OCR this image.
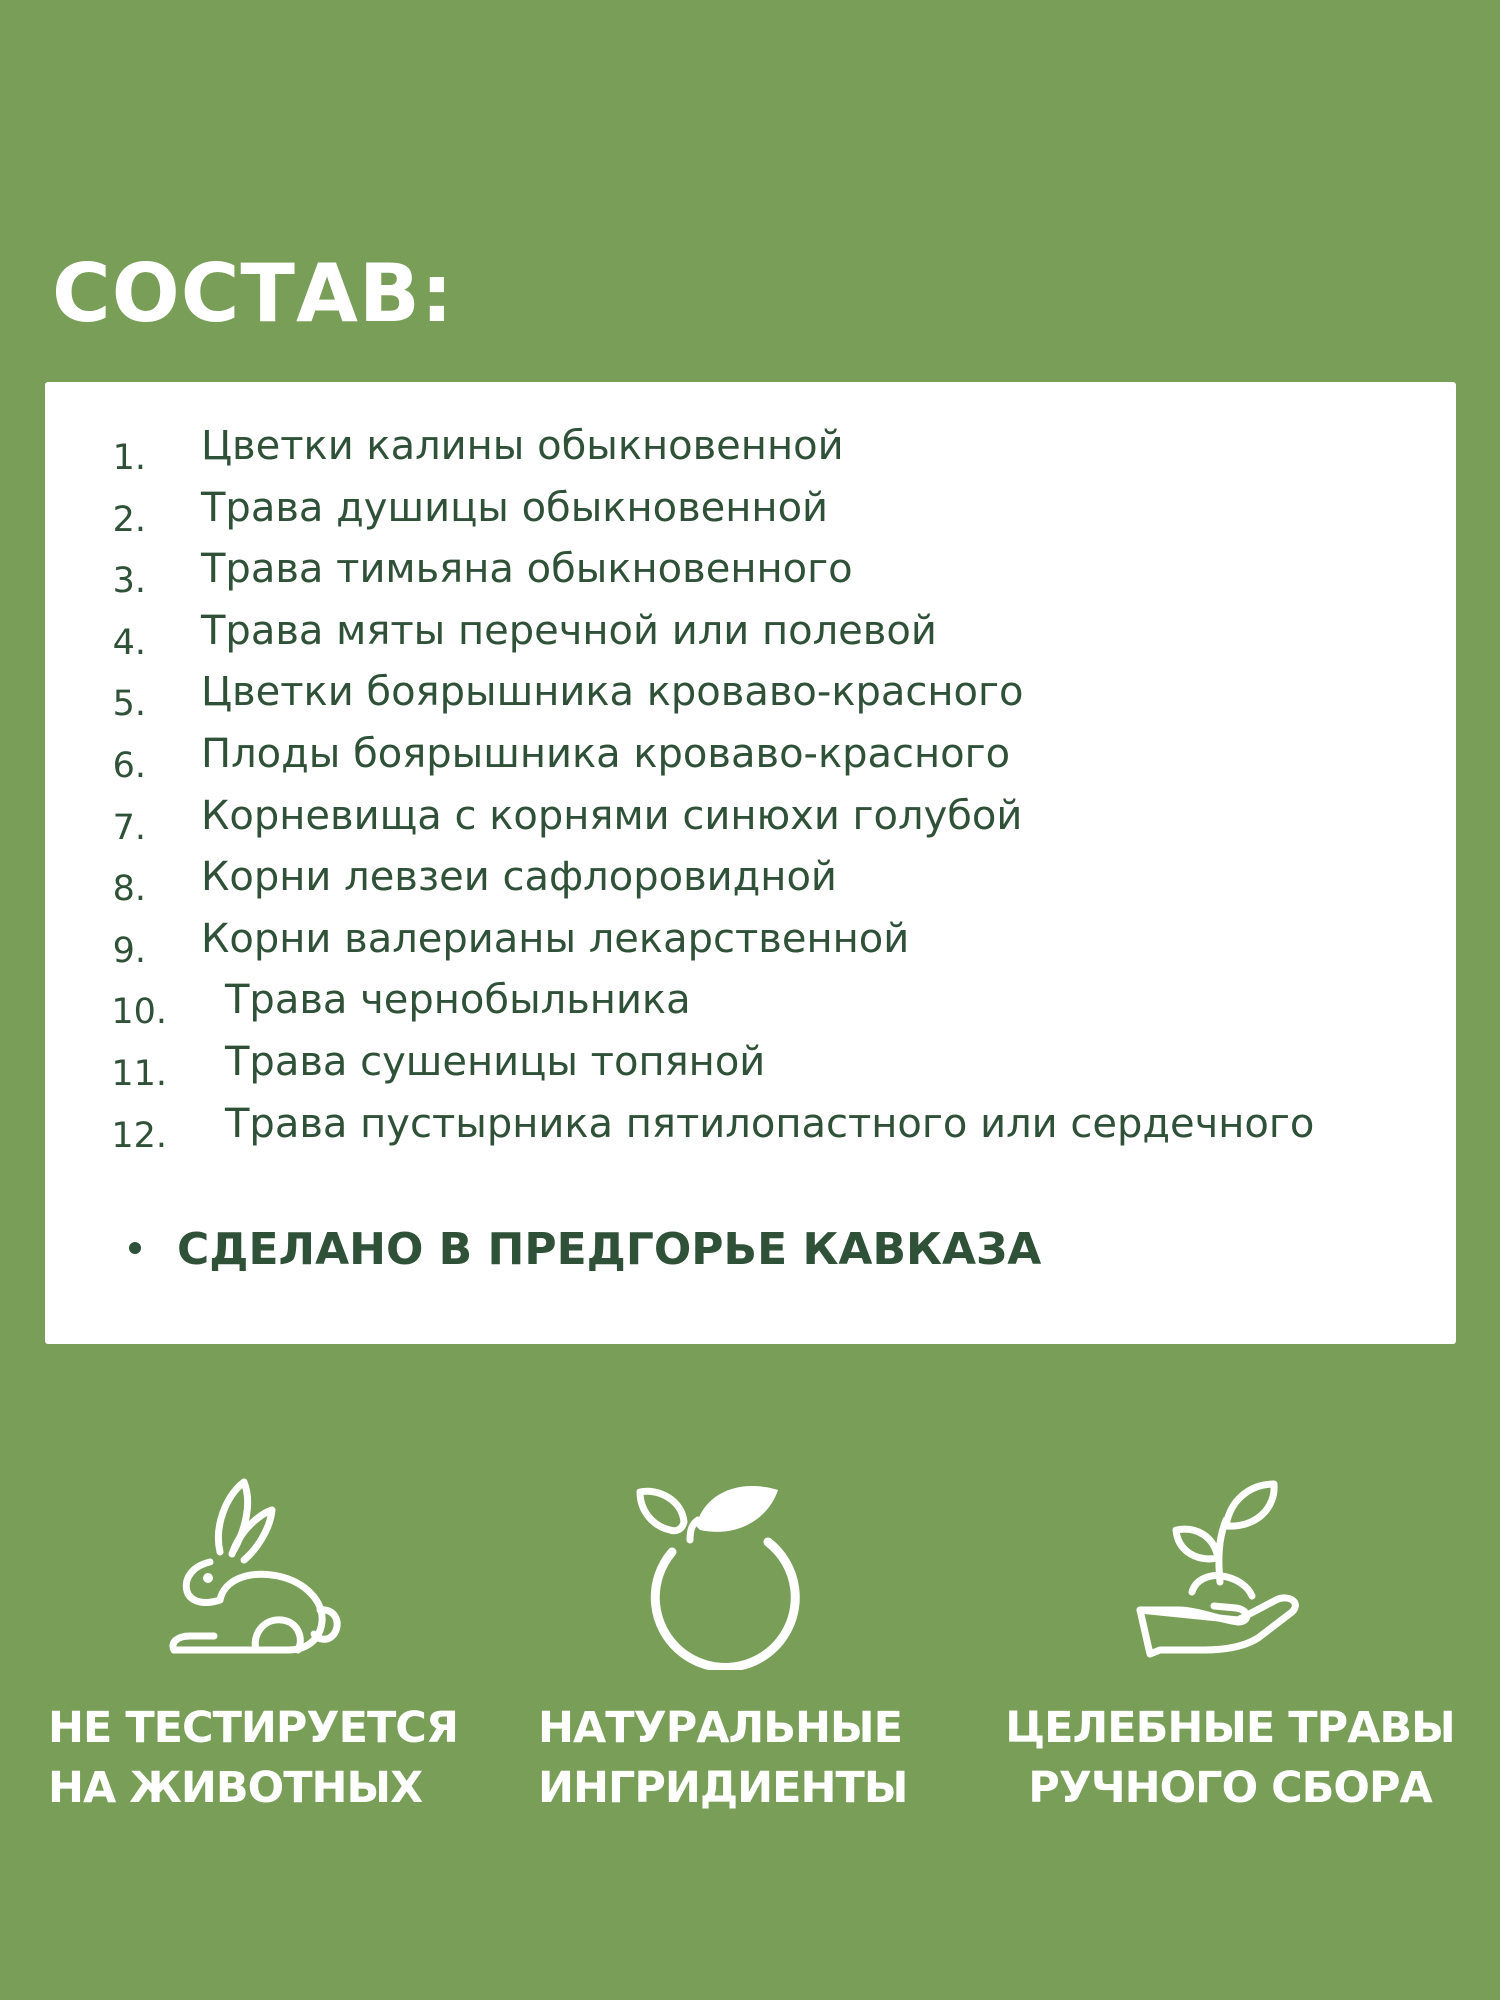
СОСТАВ:
1. Цветки калины обыкновенной
2. Трава душицы обыкновенной
3. Трава тимьяна обыкновенного
4. Трава мяты перечной или полевой
5. Цветки боярышника кроваво-красного
6. Плоды боярышника кроваво-красного
7. Корневища с корнями синюхи голубой
8. Корни левзеи сафлоровидной
9. Корни валерианы лекарственной
10. Трава чернобыльника
11. Трава сушеницы топяной
12. Трава пустырника пятилопастного или сердечного
СДЕЛАНО В ПРЕДГОРЬЕ КАВКАЗА
НЕ ТЕСТИРУЕТСЯ
НА ЖИВОТНЫХ
НАТУРАЛЬНЫЕ
ИНГРИДИЕНТЫ
ЦЕЛЕБНЫЕ ТРАВЫ
РУЧНОГО СБОРА
